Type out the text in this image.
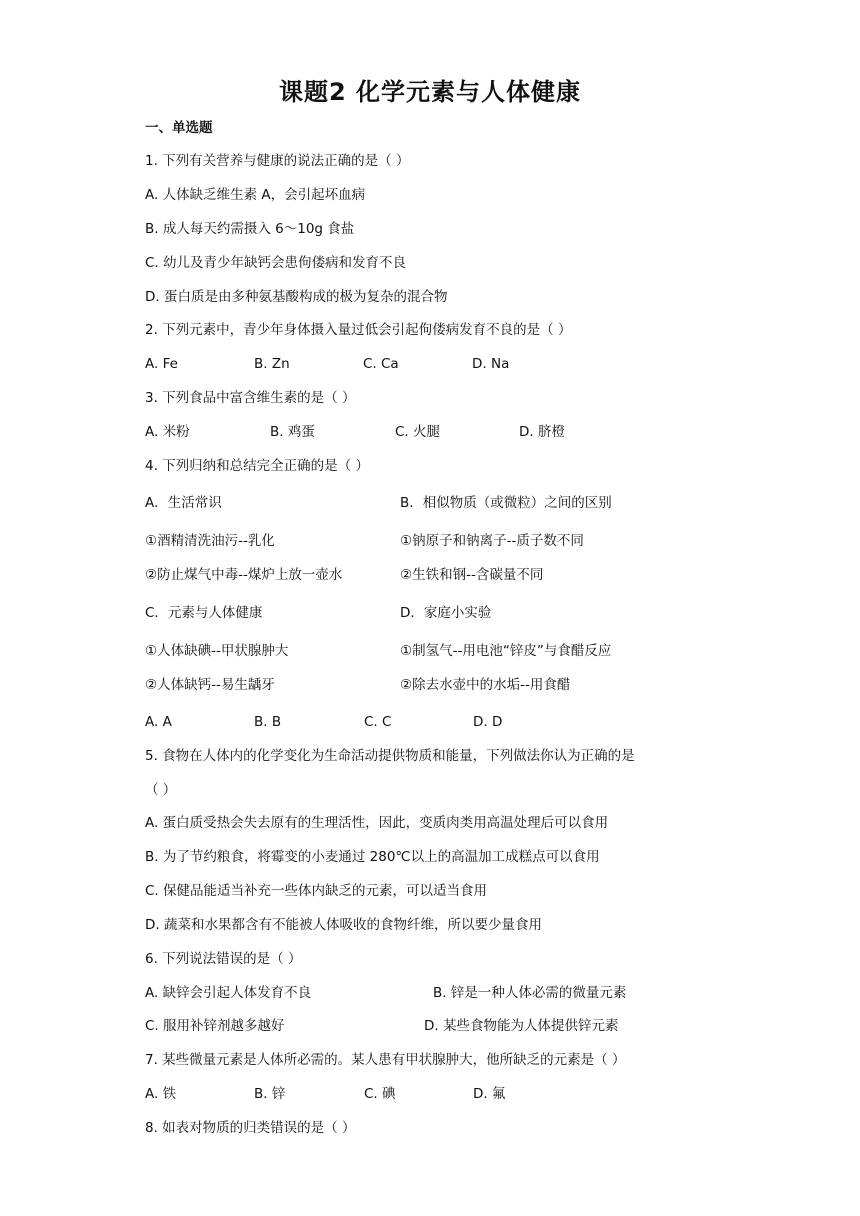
课题2 化学元素与人体健康
一、单选题
1. 下列有关营养与健康的说法正确的是（ ）
A. 人体缺乏维生素 A，会引起坏血病
B. 成人每天约需摄入 6～10g 食盐
C. 幼儿及青少年缺钙会患佝偻病和发育不良
D. 蛋白质是由多种氨基酸构成的极为复杂的混合物
2. 下列元素中，青少年身体摄入量过低会引起佝偻病发育不良的是（ ）
A. Fe	B. Zn	C. Ca	D. Na
3. 下列食品中富含维生素的是（ ）
A. 米粉	B. 鸡蛋	C. 火腿	D. 脐橙
4. 下列归纳和总结完全正确的是（ ）
A．生活常识	B．相似物质（或微粒）之间的区别
①酒精清洗油污--乳化	①钠原子和钠离子--质子数不同
②防止煤气中毒--煤炉上放一壶水	②生铁和钢--含碳量不同
C．元素与人体健康	D．家庭小实验
①人体缺碘--甲状腺肿大	①制氢气--用电池“锌皮”与食醋反应
②人体缺钙--易生龋牙	②除去水壶中的水垢--用食醋
A. A	B. B	C. C	D. D
5. 食物在人体内的化学变化为生命活动提供物质和能量，下列做法你认为正确的是
（ ）
A. 蛋白质受热会失去原有的生理活性，因此，变质肉类用高温处理后可以食用
B. 为了节约粮食，将霉变的小麦通过 280℃以上的高温加工成糕点可以食用
C. 保健品能适当补充一些体内缺乏的元素，可以适当食用
D. 蔬菜和水果都含有不能被人体吸收的食物纤维，所以要少量食用
6. 下列说法错误的是（ ）
A. 缺锌会引起人体发育不良	B. 锌是一种人体必需的微量元素
C. 服用补锌剂越多越好	D. 某些食物能为人体提供锌元素
7. 某些微量元素是人体所必需的。某人患有甲状腺肿大，他所缺乏的元素是（ ）
A. 铁	B. 锌	C. 碘	D. 氟
8. 如表对物质的归类错误的是（ ）
